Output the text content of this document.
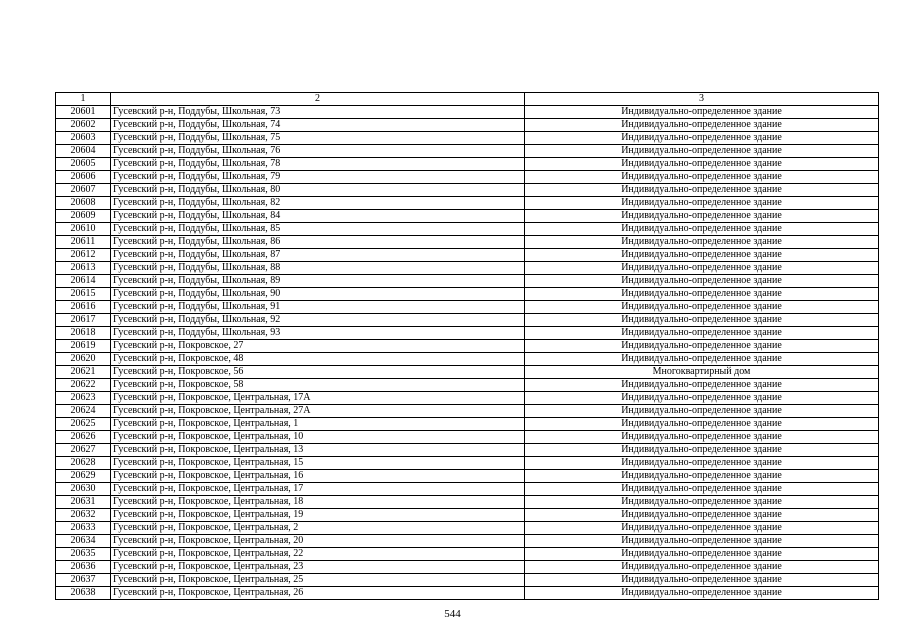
1	2	3
20601	Гусевский р-н, Поддубы, Школьная, 73	Индивидуально-определенное здание
20602	Гусевский р-н, Поддубы, Школьная, 74	Индивидуально-определенное здание
20603	Гусевский р-н, Поддубы, Школьная, 75	Индивидуально-определенное здание
20604	Гусевский р-н, Поддубы, Школьная, 76	Индивидуально-определенное здание
20605	Гусевский р-н, Поддубы, Школьная, 78	Индивидуально-определенное здание
20606	Гусевский р-н, Поддубы, Школьная, 79	Индивидуально-определенное здание
20607	Гусевский р-н, Поддубы, Школьная, 80	Индивидуально-определенное здание
20608	Гусевский р-н, Поддубы, Школьная, 82	Индивидуально-определенное здание
20609	Гусевский р-н, Поддубы, Школьная, 84	Индивидуально-определенное здание
20610	Гусевский р-н, Поддубы, Школьная, 85	Индивидуально-определенное здание
20611	Гусевский р-н, Поддубы, Школьная, 86	Индивидуально-определенное здание
20612	Гусевский р-н, Поддубы, Школьная, 87	Индивидуально-определенное здание
20613	Гусевский р-н, Поддубы, Школьная, 88	Индивидуально-определенное здание
20614	Гусевский р-н, Поддубы, Школьная, 89	Индивидуально-определенное здание
20615	Гусевский р-н, Поддубы, Школьная, 90	Индивидуально-определенное здание
20616	Гусевский р-н, Поддубы, Школьная, 91	Индивидуально-определенное здание
20617	Гусевский р-н, Поддубы, Школьная, 92	Индивидуально-определенное здание
20618	Гусевский р-н, Поддубы, Школьная, 93	Индивидуально-определенное здание
20619	Гусевский р-н, Покровское, 27	Индивидуально-определенное здание
20620	Гусевский р-н, Покровское, 48	Индивидуально-определенное здание
20621	Гусевский р-н, Покровское, 56	Многоквартирный дом
20622	Гусевский р-н, Покровское, 58	Индивидуально-определенное здание
20623	Гусевский р-н, Покровское, Центральная, 17А	Индивидуально-определенное здание
20624	Гусевский р-н, Покровское, Центральная, 27А	Индивидуально-определенное здание
20625	Гусевский р-н, Покровское, Центральная, 1	Индивидуально-определенное здание
20626	Гусевский р-н, Покровское, Центральная, 10	Индивидуально-определенное здание
20627	Гусевский р-н, Покровское, Центральная, 13	Индивидуально-определенное здание
20628	Гусевский р-н, Покровское, Центральная, 15	Индивидуально-определенное здание
20629	Гусевский р-н, Покровское, Центральная, 16	Индивидуально-определенное здание
20630	Гусевский р-н, Покровское, Центральная, 17	Индивидуально-определенное здание
20631	Гусевский р-н, Покровское, Центральная, 18	Индивидуально-определенное здание
20632	Гусевский р-н, Покровское, Центральная, 19	Индивидуально-определенное здание
20633	Гусевский р-н, Покровское, Центральная, 2	Индивидуально-определенное здание
20634	Гусевский р-н, Покровское, Центральная, 20	Индивидуально-определенное здание
20635	Гусевский р-н, Покровское, Центральная, 22	Индивидуально-определенное здание
20636	Гусевский р-н, Покровское, Центральная, 23	Индивидуально-определенное здание
20637	Гусевский р-н, Покровское, Центральная, 25	Индивидуально-определенное здание
20638	Гусевский р-н, Покровское, Центральная, 26	Индивидуально-определенное здание
544
